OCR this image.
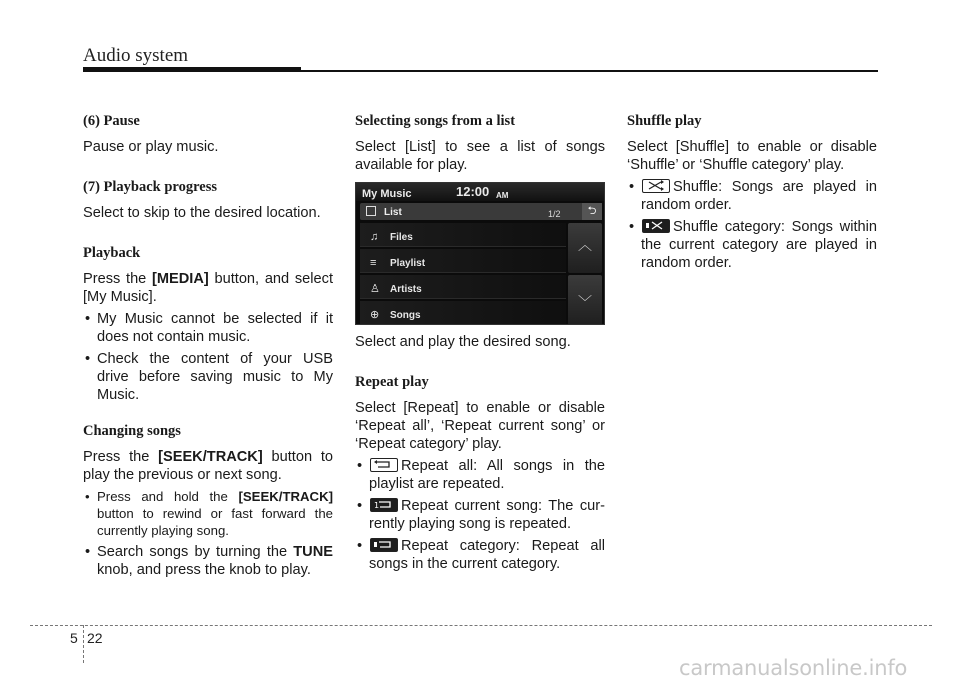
Audio system
(6) Pause
Pause or play music.
(7) Playback progress
Select to skip to the desired location.
Playback
Press the [MEDIA] button, and select [My Music].
• My Music cannot be selected if it does not contain music.
• Check the content of your USB drive before saving music to My Music.
Changing songs
Press the [SEEK/TRACK] button to play the previous or next song.
• Press and hold the [SEEK/TRACK] button to rewind or fast forward the currently playing song.
• Search songs by turning the TUNE knob, and press the knob to play.
Selecting songs from a list
Select [List] to see a list of songs available for play.
My Music	12:00 AM
List	1/2	⮌
♫ Files
≡ Playlist
♙ Artists
⊕ Songs
︿
﹀
Select and play the desired song.
Repeat play
Select [Repeat] to enable or disable ‘Repeat all’, ‘Repeat current song’ or ‘Repeat category’ play.
• Repeat all: All songs in the playlist are repeated.
• 1 Repeat current song: The cur- rently playing song is repeated.
• Repeat category: Repeat all songs in the current category.
Shuffle play
Select [Shuffle] to enable or disable ‘Shuffle’ or ‘Shuffle category’ play.
• Shuffle: Songs are played in random order.
• Shuffle category: Songs within the current category are played in random order.
5 22
carmanualsonline.info
